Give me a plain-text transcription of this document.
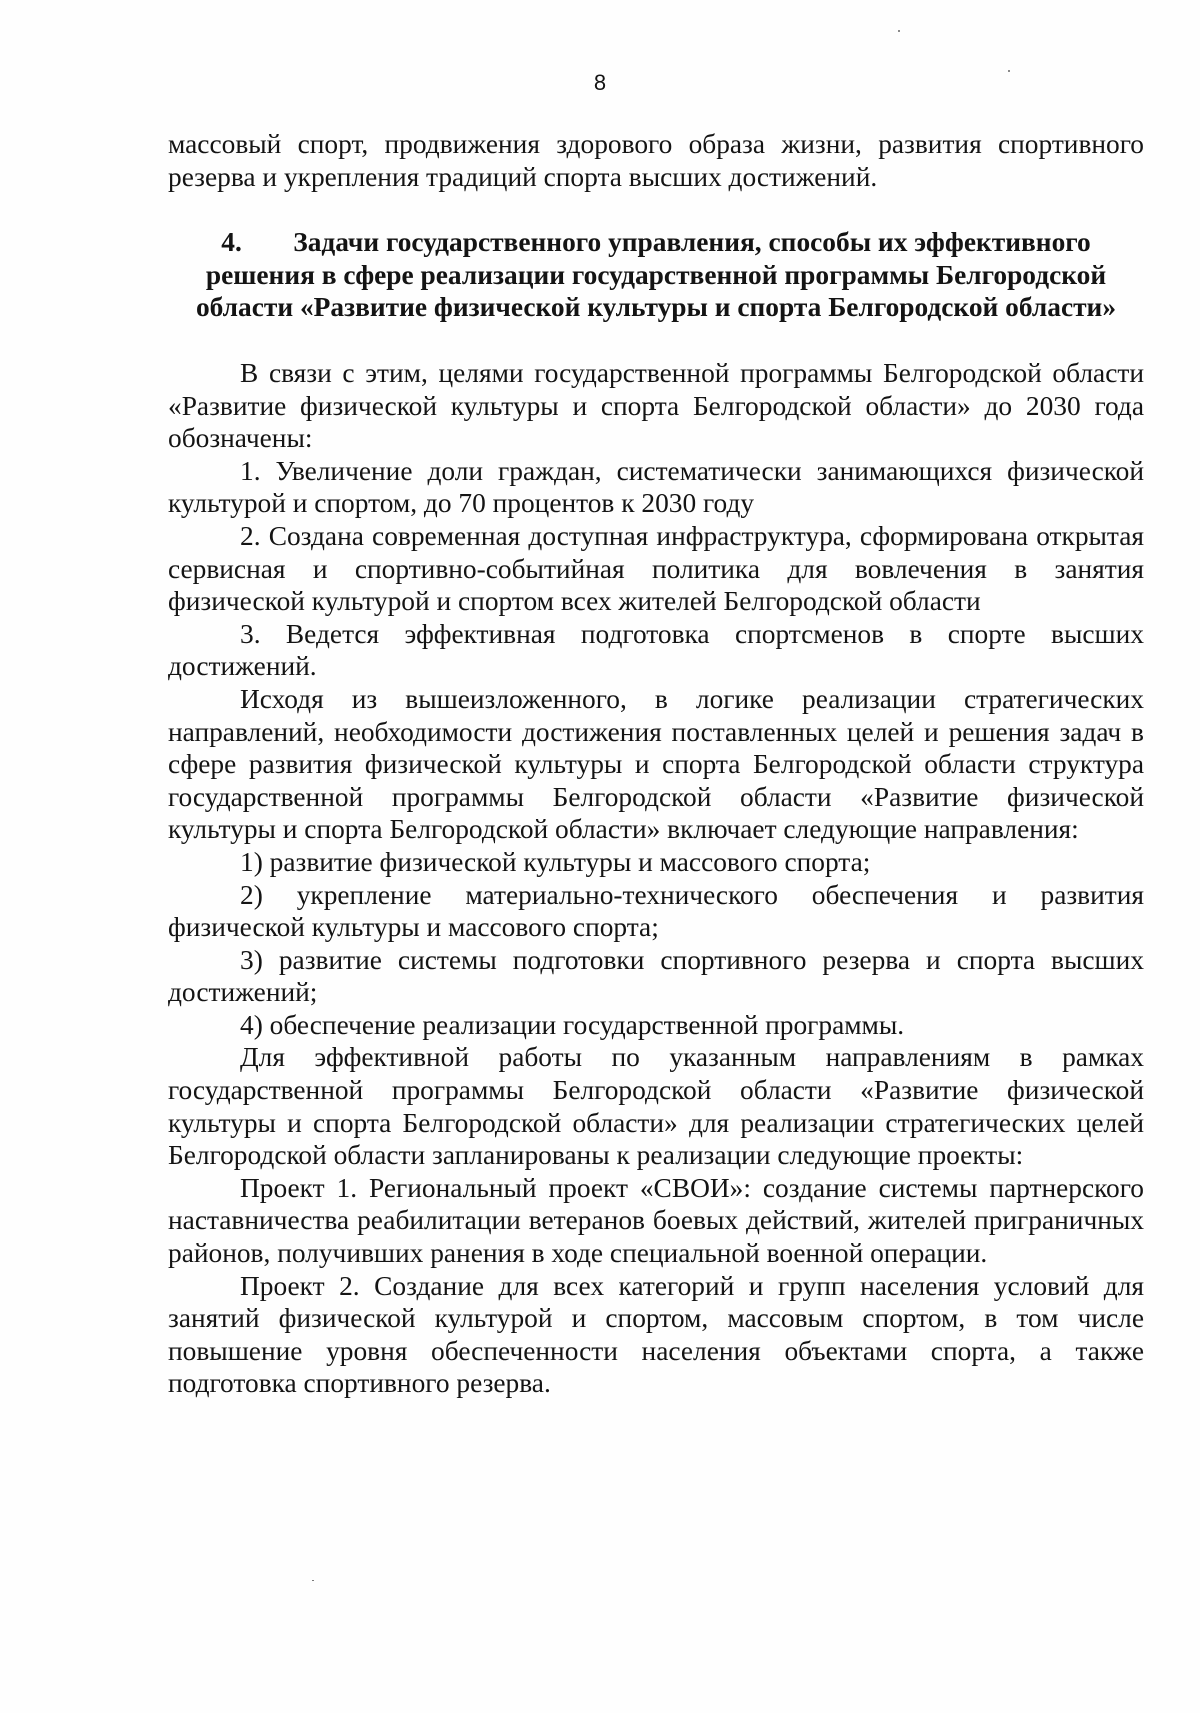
8

массовый спорт, продвижения здорового образа жизни, развития спортивного резерва и укрепления традиций спорта высших достижений.

4. Задачи государственного управления, способы их эффективного решения в сфере реализации государственной программы Белгородской области «Развитие физической культуры и спорта Белгородской области»

В связи с этим, целями государственной программы Белгородской области «Развитие физической культуры и спорта Белгородской области» до 2030 года обозначены:

1. Увеличение доли граждан, систематически занимающихся физической культурой и спортом, до 70 процентов к 2030 году

2. Создана современная доступная инфраструктура, сформирована открытая сервисная и спортивно-событийная политика для вовлечения в занятия физической культурой и спортом всех жителей Белгородской области

3. Ведется эффективная подготовка спортсменов в спорте высших достижений.

Исходя из вышеизложенного, в логике реализации стратегических направлений, необходимости достижения поставленных целей и решения задач в сфере развития физической культуры и спорта Белгородской области структура государственной программы Белгородской области «Развитие физической культуры и спорта Белгородской области» включает следующие направления:

1) развитие физической культуры и массового спорта;

2) укрепление материально-технического обеспечения и развития физической культуры и массового спорта;

3) развитие системы подготовки спортивного резерва и спорта высших достижений;

4) обеспечение реализации государственной программы.

Для эффективной работы по указанным направлениям в рамках государственной программы Белгородской области «Развитие физической культуры и спорта Белгородской области» для реализации стратегических целей Белгородской области запланированы к реализации следующие проекты:

Проект 1. Региональный проект «СВОИ»: создание системы партнерского наставничества реабилитации ветеранов боевых действий, жителей приграничных районов, получивших ранения в ходе специальной военной операции.

Проект 2. Создание для всех категорий и групп населения условий для занятий физической культурой и спортом, массовым спортом, в том числе повышение уровня обеспеченности населения объектами спорта, а также подготовка спортивного резерва.
